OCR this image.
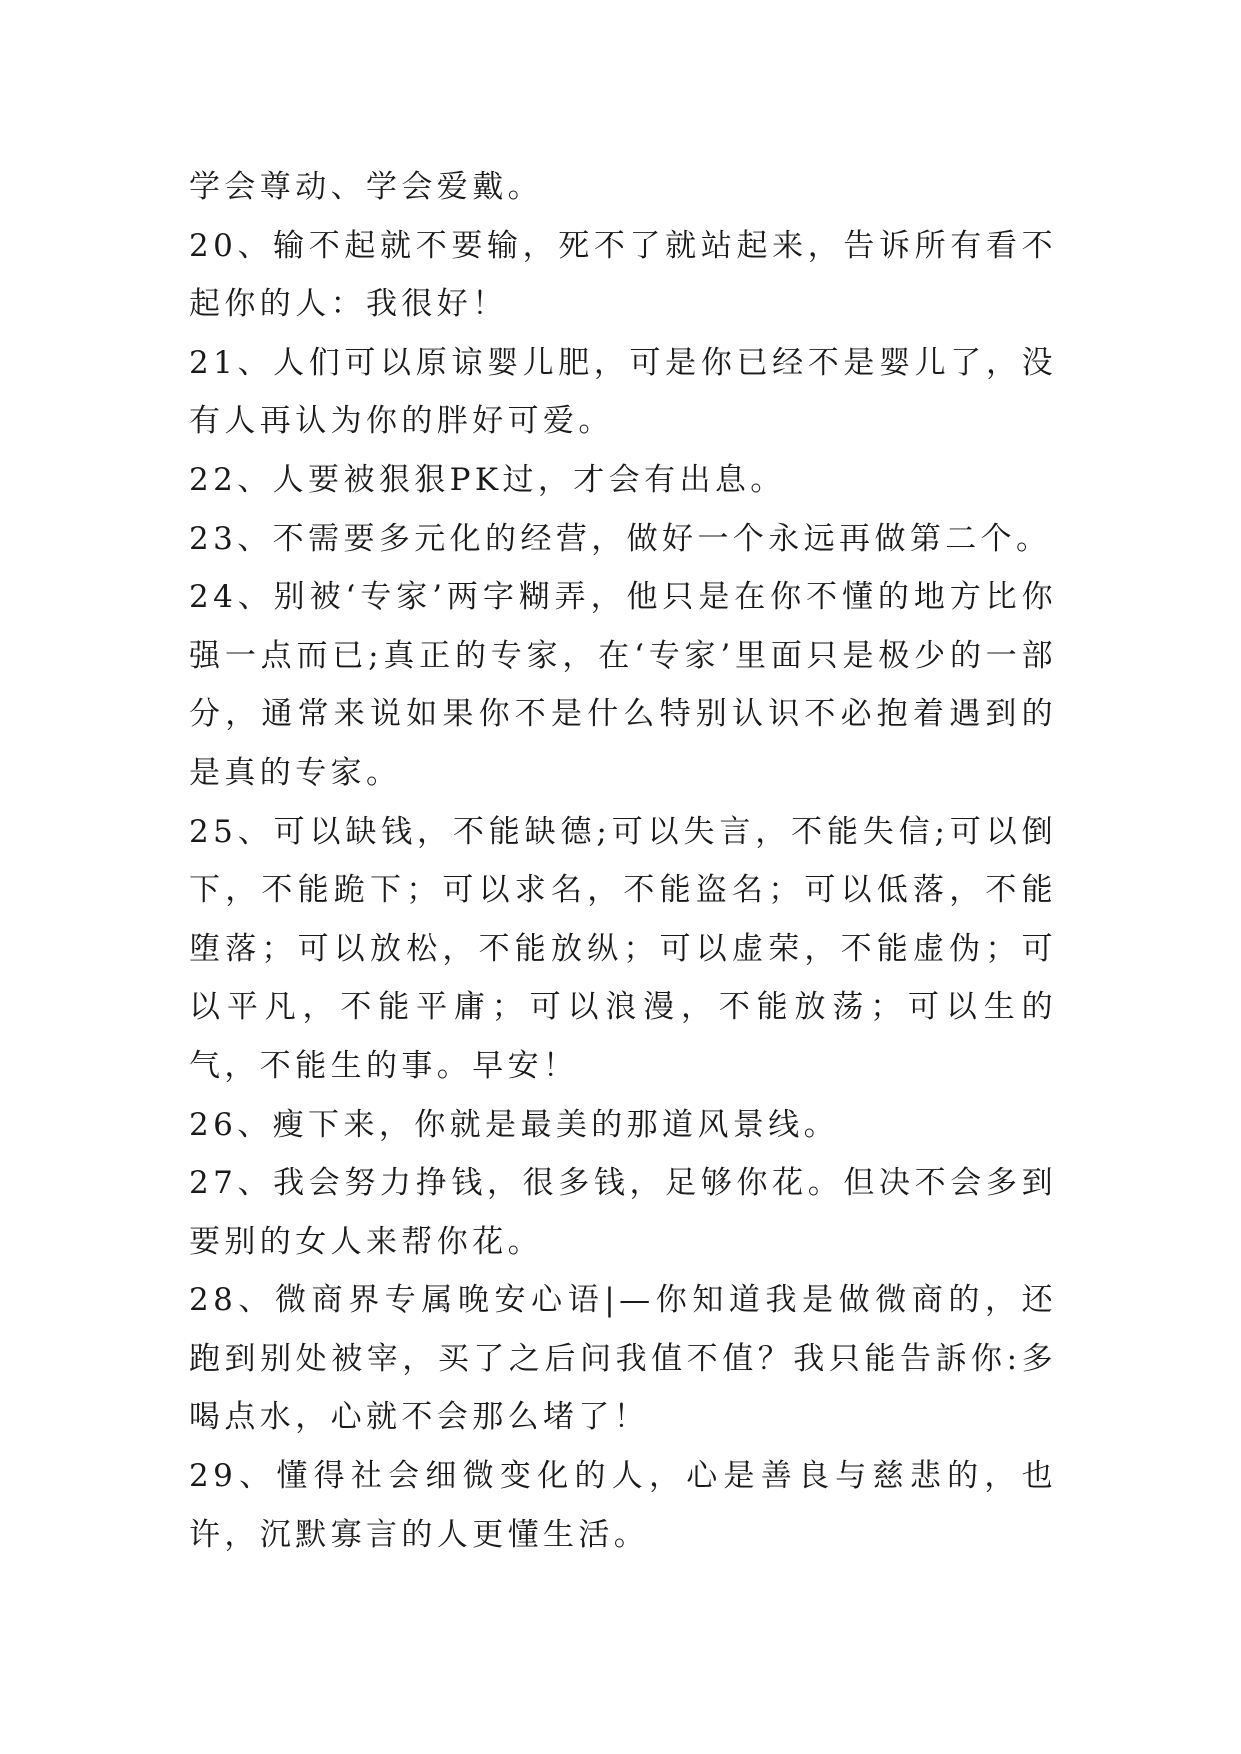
学会尊动、学会爱戴。

20、输不起就不要输，死不了就站起来，告诉所有看不起你的人：我很好！

21、人们可以原谅婴儿肥，可是你已经不是婴儿了，没有人再认为你的胖好可爱。

22、人要被狠狠PK过，才会有出息。

23、不需要多元化的经营，做好一个永远再做第二个。

24、别被‘专家’两字糊弄，他只是在你不懂的地方比你强一点而已;真正的专家，在‘专家’里面只是极少的一部分，通常来说如果你不是什么特别认识不必抱着遇到的是真的专家。

25、可以缺钱，不能缺德;可以失言，不能失信;可以倒下，不能跪下；可以求名，不能盗名；可以低落，不能堕落；可以放松，不能放纵；可以虚荣，不能虚伪；可以平凡，不能平庸；可以浪漫，不能放荡；可以生的气，不能生的事。早安！

26、瘦下来，你就是最美的那道风景线。

27、我会努力挣钱，很多钱，足够你花。但决不会多到要别的女人来帮你花。

28、微商界专属晚安心语|—你知道我是做微商的，还跑到别处被宰，买了之后问我值不值？我只能告訴你:多喝点水，心就不会那么堵了！

29、懂得社会细微变化的人，心是善良与慈悲的，也许，沉默寡言的人更懂生活。
